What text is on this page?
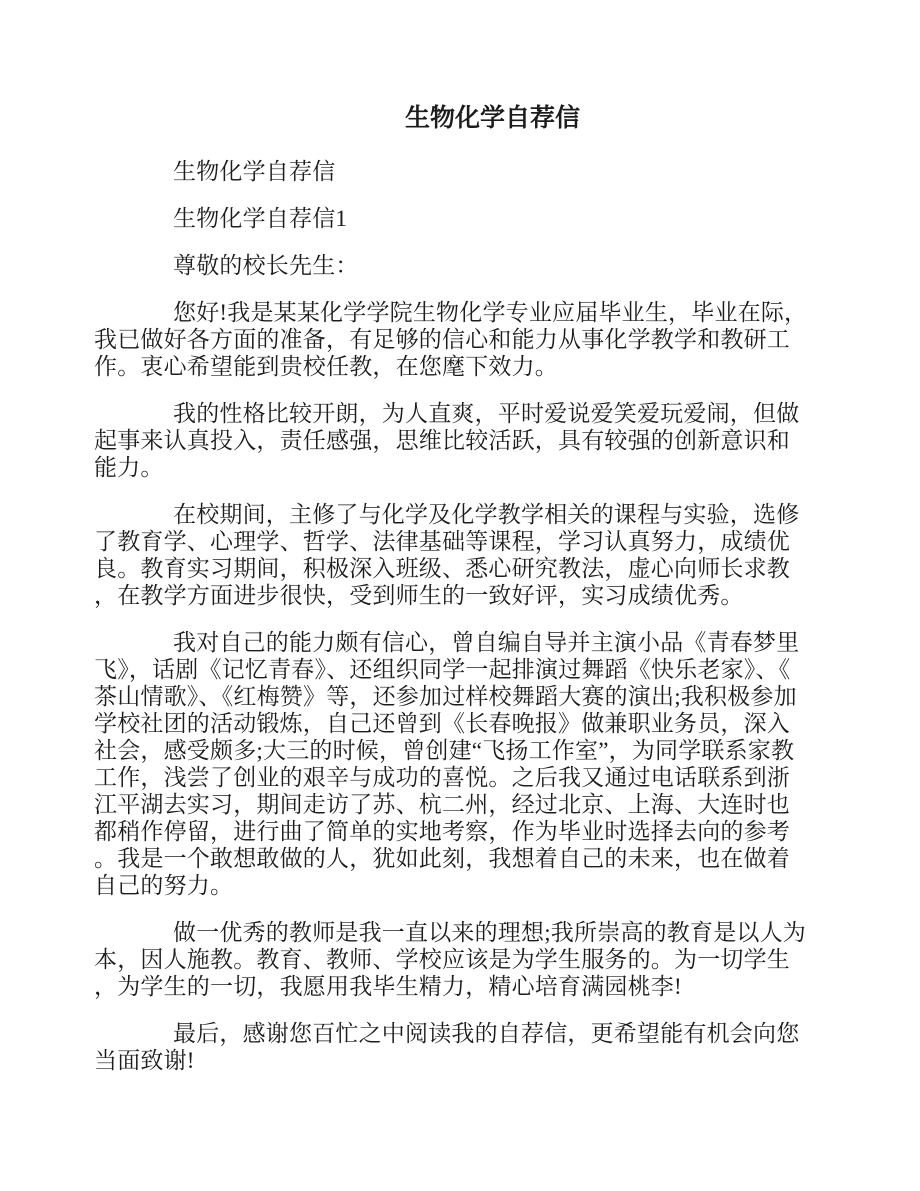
生物化学自荐信

生物化学自荐信

生物化学自荐信1

尊敬的校长先生：

您好!我是某某化学学院生物化学专业应届毕业生，毕业在际，我已做好各方面的准备，有足够的信心和能力从事化学教学和教研工作。衷心希望能到贵校任教，在您麾下效力。

我的性格比较开朗，为人直爽，平时爱说爱笑爱玩爱闹，但做起事来认真投入，责任感强，思维比较活跃，具有较强的创新意识和能力。

在校期间，主修了与化学及化学教学相关的课程与实验，选修了教育学、心理学、哲学、法律基础等课程，学习认真努力，成绩优良。教育实习期间，积极深入班级、悉心研究教法，虚心向师长求教，在教学方面进步很快，受到师生的一致好评，实习成绩优秀。

我对自己的能力颇有信心，曾自编自导并主演小品《青春梦里飞》，话剧《记忆青春》、还组织同学一起排演过舞蹈《快乐老家》、《茶山情歌》、《红梅赞》等，还参加过样校舞蹈大赛的演出;我积极参加学校社团的活动锻炼，自己还曾到《长春晚报》做兼职业务员，深入社会，感受颇多;大三的时候，曾创建“飞扬工作室”，为同学联系家教工作，浅尝了创业的艰辛与成功的喜悦。之后我又通过电话联系到浙江平湖去实习，期间走访了苏、杭二州，经过北京、上海、大连时也都稍作停留，进行曲了简单的实地考察，作为毕业时选择去向的参考。我是一个敢想敢做的人，犹如此刻，我想着自己的未来，也在做着自己的努力。

做一优秀的教师是我一直以来的理想;我所崇高的教育是以人为本，因人施教。教育、教师、学校应该是为学生服务的。为一切学生，为学生的一切，我愿用我毕生精力，精心培育满园桃李!

最后，感谢您百忙之中阅读我的自荐信，更希望能有机会向您当面致谢!
